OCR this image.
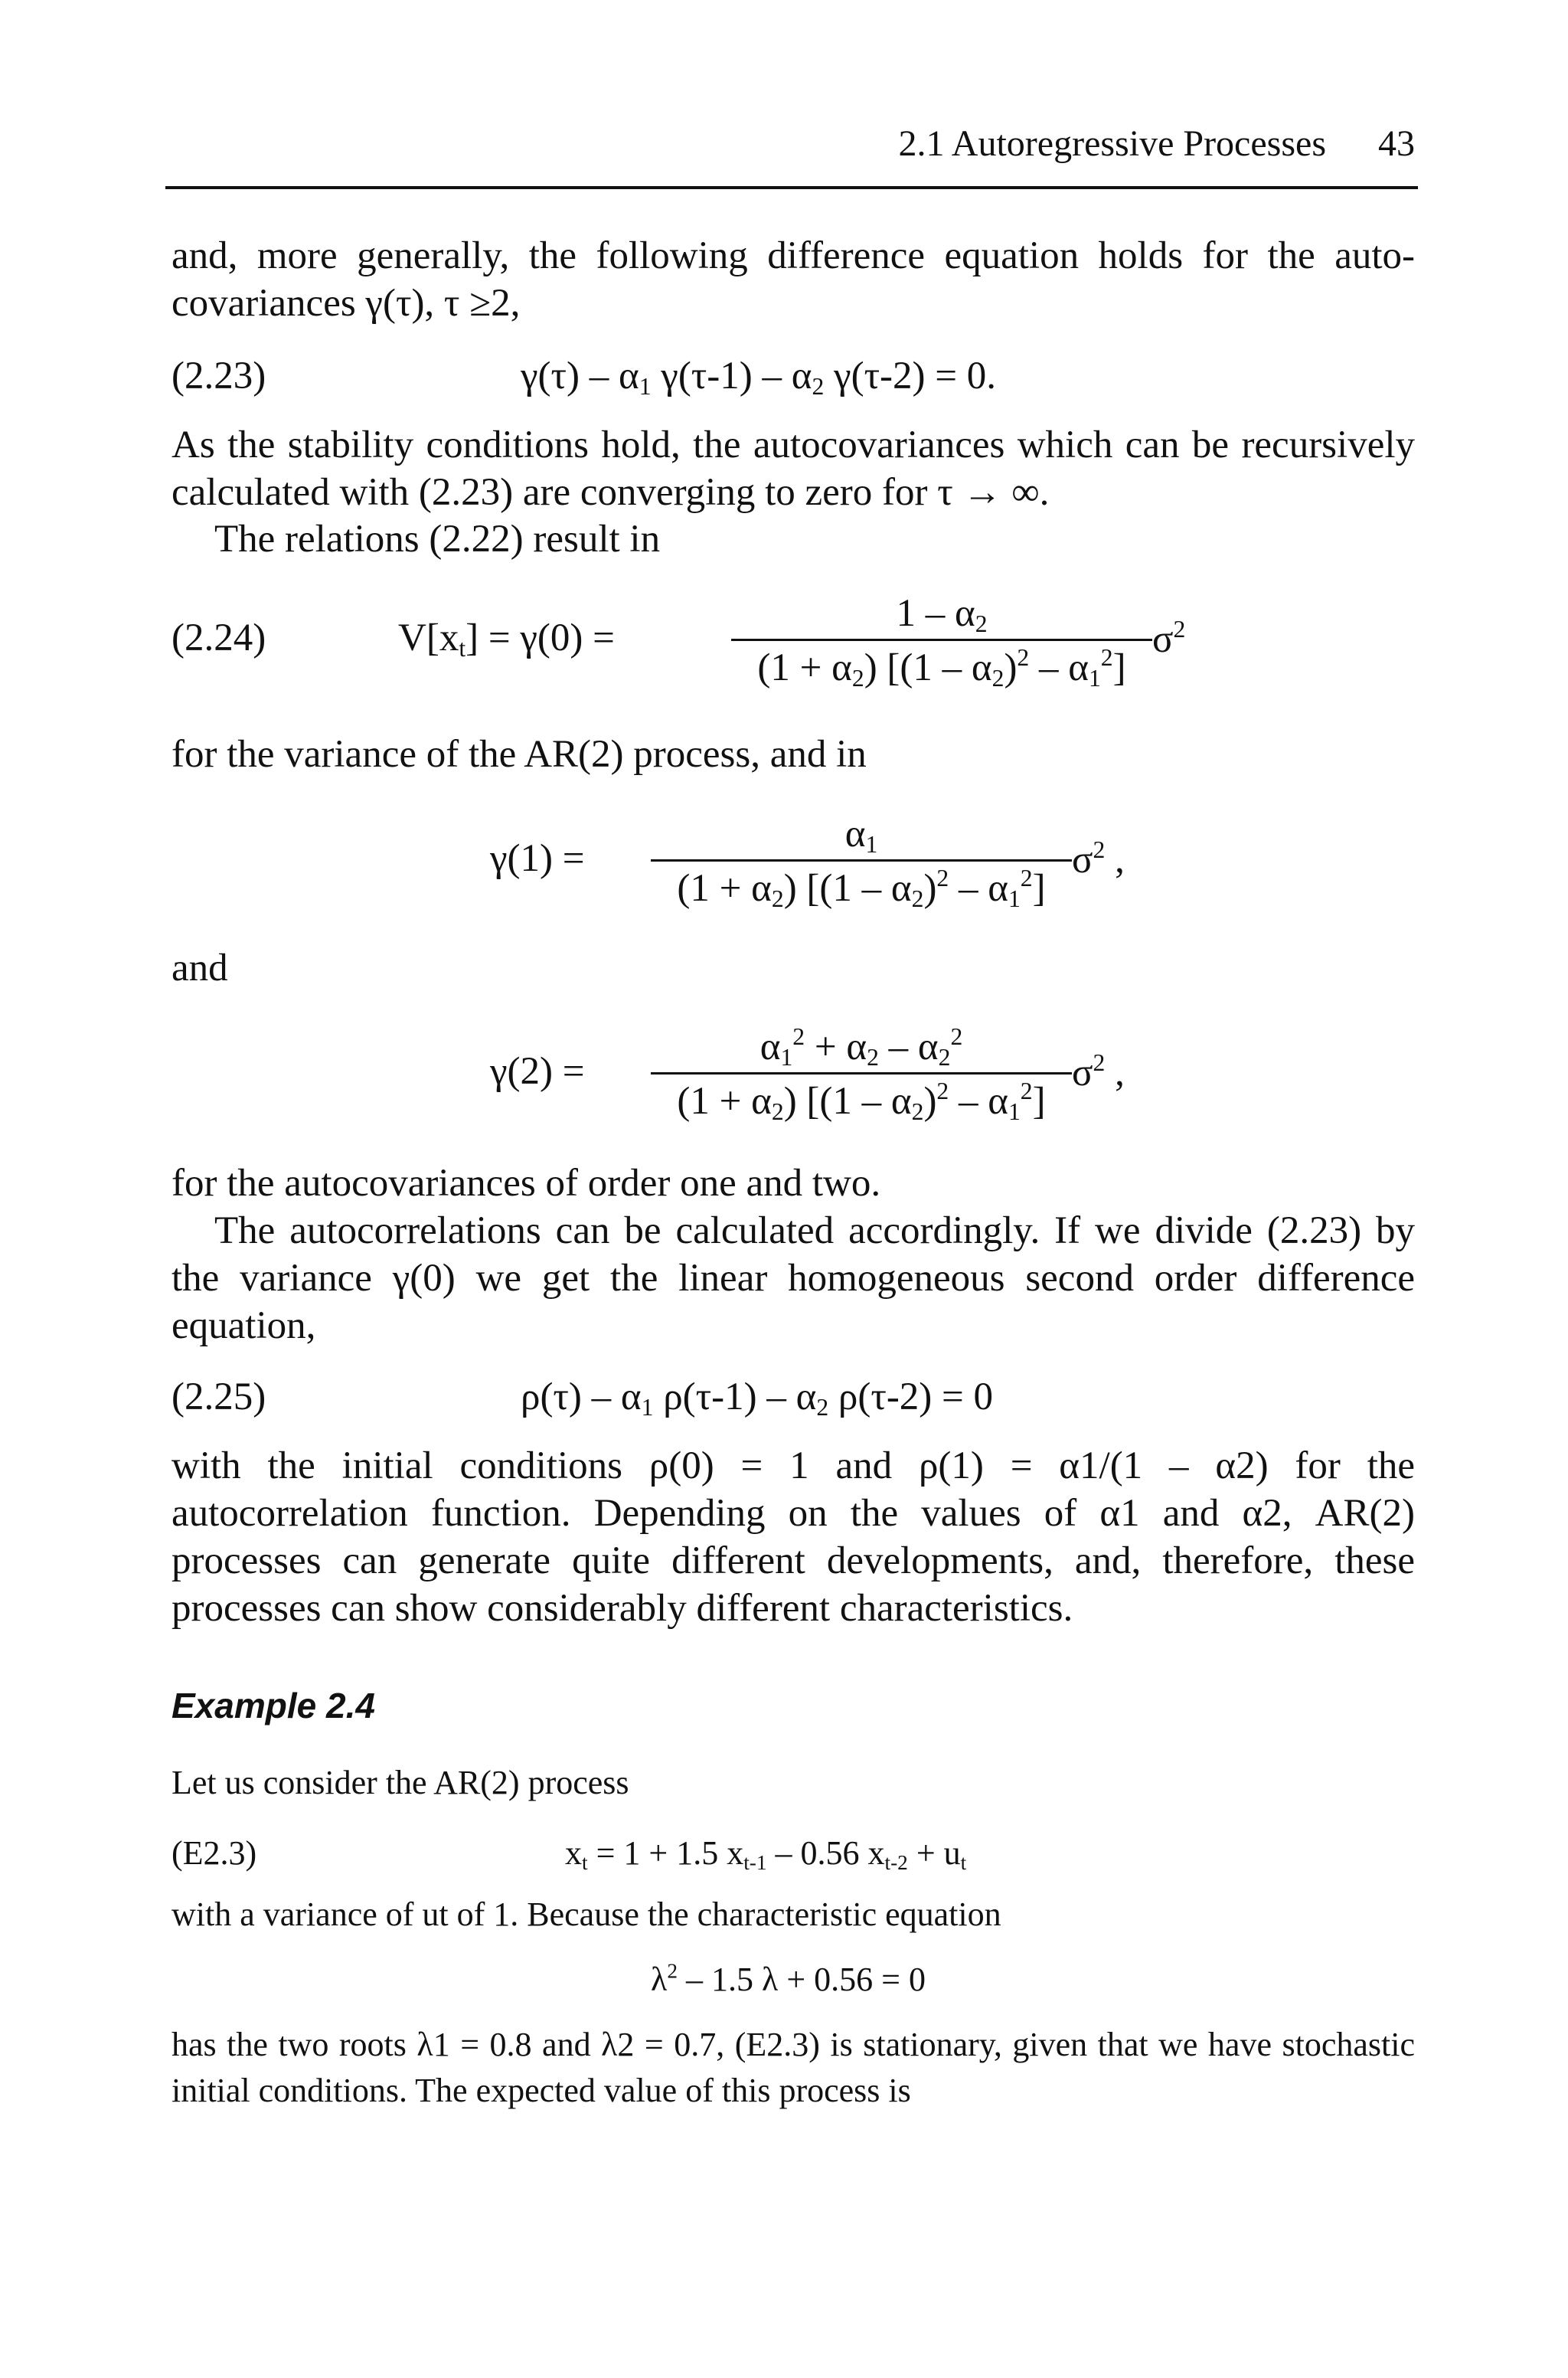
2.1 Autoregressive Processes 43
and, more generally, the following difference equation holds for the auto-covariances γ(τ), τ ≥2,
(2.23)	$\gamma(\tau) - \alpha_1$ $\gamma(\tau-1) - \alpha_2$ γ(τ-2) = 0.
As the stability conditions hold, the autocovariances which can be recursively calculated with (2.23) are converging to zero for τ → ∞.
The relations (2.22) result in
(2.24)	$V[x_t] = \gamma(0)$ =
$1 - \alpha_2$
$(1 + \alpha_2)$ $[(1 - \alpha_2)^2 - \alpha_1^2]$
$\sigma^2$
for the variance of the AR(2) process, and in
γ(1) =
$\alpha_1$
$(1 + \alpha_2)$ $[(1 - \alpha_2)^2 - \alpha_1^2]$
$\sigma^2$ ,
and
γ(2) =
$\alpha_1^2 + \alpha_2 - \alpha_2^2$
$(1 + \alpha_2)$ $[(1 - \alpha_2)^2 - \alpha_1^2]$
$\sigma^2$ ,
for the autocovariances of order one and two.
The autocorrelations can be calculated accordingly. If we divide (2.23) by the variance γ(0) we get the linear homogeneous second order difference equation,
(2.25)	$\rho(\tau) - \alpha_1$ $\rho(\tau-1) - \alpha_2$ ρ(τ-2) = 0
with the initial conditions ρ(0) = 1 and ρ(1) = α1/(1 – α2) for the autocorrelation function. Depending on the values of α1 and α2, AR(2) processes can generate quite different developments, and, therefore, these processes can show considerably different characteristics.
Example 2.4
Let us consider the AR(2) process
(E2.3)	$x_t = 1 + 1.5$ $x_{t-1} - 0.56$ $x_{t-2} + u_t$
with a variance of ut of 1. Because the characteristic equation
$\lambda^2 - 1.5$ λ + 0.56 = 0
has the two roots λ1 = 0.8 and λ2 = 0.7, (E2.3) is stationary, given that we have stochastic initial conditions. The expected value of this process is
